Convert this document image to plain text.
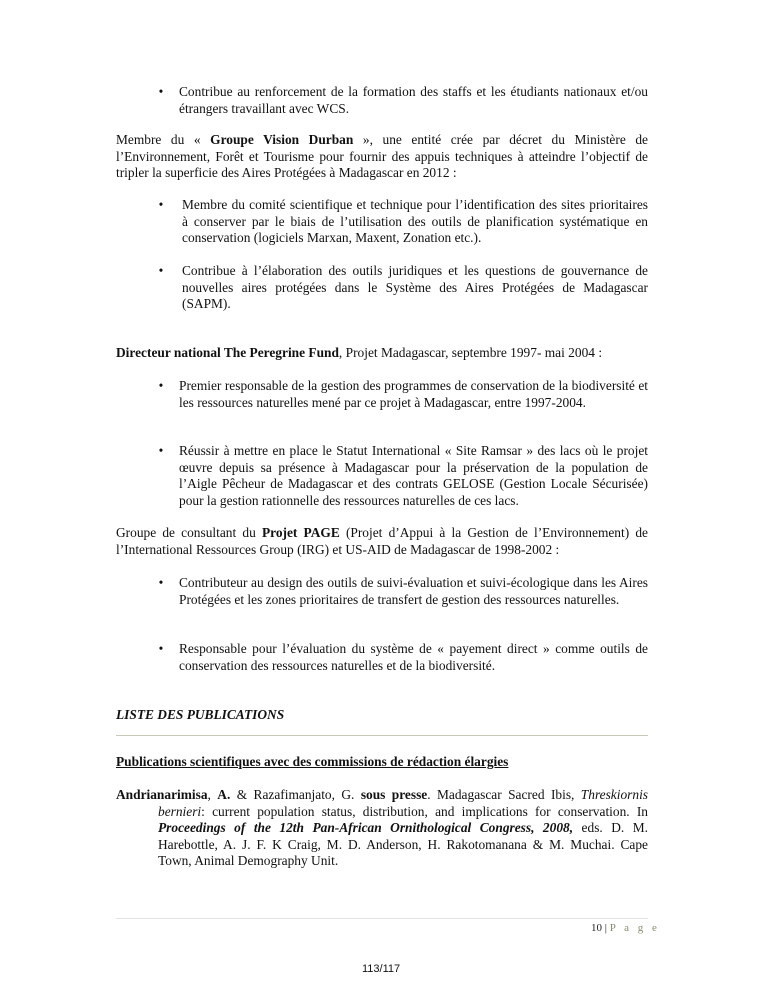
• Contribue au renforcement de la formation des staffs et les étudiants nationaux et/ou étrangers travaillant avec WCS.
Membre du « Groupe Vision Durban », une entité crée par décret du Ministère de l’Environnement, Forêt et Tourisme pour fournir des appuis techniques à atteindre l’objectif de tripler la superficie des Aires Protégées à Madagascar en 2012 :
• Membre du comité scientifique et technique pour l’identification des sites prioritaires à conserver par le biais de l’utilisation des outils de planification systématique en conservation (logiciels Marxan, Maxent, Zonation etc.).
• Contribue à l’élaboration des outils juridiques et les questions de gouvernance de nouvelles aires protégées dans le Système des Aires Protégées de Madagascar (SAPM).
Directeur national The Peregrine Fund, Projet Madagascar, septembre 1997- mai 2004 :
• Premier responsable de la gestion des programmes de conservation de la biodiversité et les ressources naturelles mené par ce projet à Madagascar, entre 1997-2004.
• Réussir à mettre en place le Statut International « Site Ramsar » des lacs où le projet œuvre depuis sa présence à Madagascar pour la préservation de la population de l’Aigle Pêcheur de Madagascar et des contrats GELOSE (Gestion Locale Sécurisée) pour la gestion rationnelle des ressources naturelles de ces lacs.
Groupe de consultant du Projet PAGE (Projet d’Appui à la Gestion de l’Environnement) de l’International Ressources Group (IRG) et US-AID de Madagascar de 1998-2002 :
• Contributeur au design des outils de suivi-évaluation et suivi-écologique dans les Aires Protégées et les zones prioritaires de transfert de gestion des ressources naturelles.
• Responsable pour l’évaluation du système de « payement direct » comme outils de conservation des ressources naturelles et de la biodiversité.
LISTE DES PUBLICATIONS
Publications scientifiques avec des commissions de rédaction élargies
Andrianarimisa, A. & Razafimanjato, G. sous presse. Madagascar Sacred Ibis, Threskiornis bernieri: current population status, distribution, and implications for conservation. In Proceedings of the 12th Pan-African Ornithological Congress, 2008, eds. D. M. Harebottle, A. J. F. K Craig, M. D. Anderson, H. Rakotomanana & M. Muchai. Cape Town, Animal Demography Unit.
10 | P a g e
113/117
